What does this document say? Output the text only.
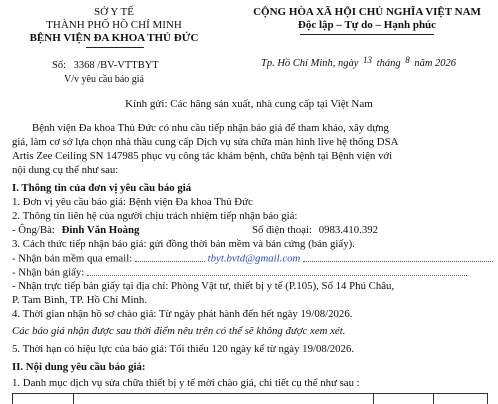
SỞ Y TẾ
THÀNH PHỐ HỒ CHÍ MINH
BỆNH VIỆN ĐA KHOA THỦ ĐỨC
Số: 3368 /BV-VTTBYT
V/v yêu cầu báo giá
CỘNG HÒA XÃ HỘI CHỦ NGHĨA VIỆT NAM
Độc lập – Tự do – Hạnh phúc
Tp. Hồ Chí Minh, ngày 13 tháng 8 năm 2026
Kính gửi: Các hãng sản xuất, nhà cung cấp tại Việt Nam
Bệnh viện Đa khoa Thủ Đức có nhu cầu tiếp nhận báo giá để tham khảo, xây dựng
giá, làm cơ sở lựa chọn nhà thầu cung cấp Dịch vụ sửa chữa màn hình live hệ thống DSA
Artis Zee Ceiling SN 147985 phục vụ công tác khám bệnh, chữa bệnh tại Bệnh viện với
nội dung cụ thể như sau:
I. Thông tin của đơn vị yêu cầu báo giá
1. Đơn vị yêu cầu báo giá: Bệnh viện Đa khoa Thủ Đức
2. Thông tin liên hệ của người chịu trách nhiệm tiếp nhận báo giá:
- Ông/Bà: Đinh Văn Hoàng	Số điện thoại: 0983.410.392
3. Cách thức tiếp nhận báo giá: gửi đồng thời bản mềm và bản cứng (bản giấy).
- Nhận bản mềm qua email:	tbyt.bvtd@gmail.com
- Nhận bản giấy:
- Nhận trực tiếp bản giấy tại địa chỉ: Phòng Vật tư, thiết bị y tế (P.105), Số 14 Phú Châu,
P. Tam Bình, TP. Hồ Chí Minh.
4. Thời gian nhận hồ sơ chào giá: Từ ngày phát hành đến hết ngày 19/08/2026.
Các báo giá nhận được sau thời điểm nêu trên có thể sẽ không được xem xét.
5. Thời hạn có hiệu lực của báo giá: Tối thiểu 120 ngày kể từ ngày 19/08/2026.
II. Nội dung yêu cầu báo giá:
1. Danh mục dịch vụ sửa chữa thiết bị y tế mời chào giá, chi tiết cụ thể như sau :
